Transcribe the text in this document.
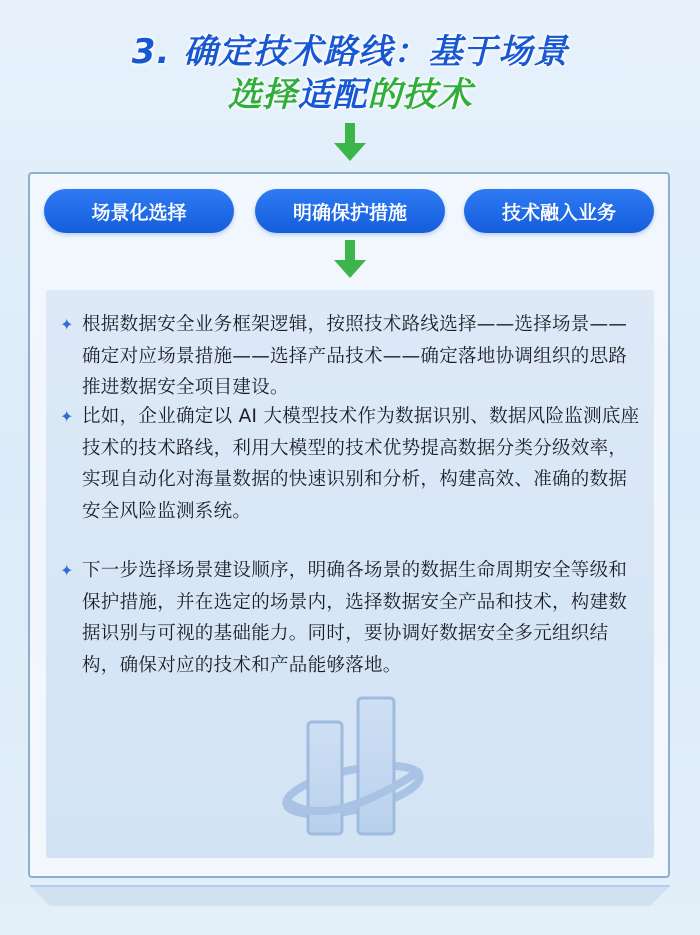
3. 确定技术路线：基于场景
选择适配的技术
场景化选择	明确保护措施	技术融入业务
✦ 根据数据安全业务框架逻辑，按照技术路线选择——选择场景——确定对应场景措施——选择产品技术——确定落地协调组织的思路推进数据安全项目建设。
✦ 比如，企业确定以 AI 大模型技术作为数据识别、数据风险监测底座技术的技术路线，利用大模型的技术优势提高数据分类分级效率，实现自动化对海量数据的快速识别和分析，构建高效、准确的数据安全风险监测系统。
✦ 下一步选择场景建设顺序，明确各场景的数据生命周期安全等级和保护措施，并在选定的场景内，选择数据安全产品和技术，构建数据识别与可视的基础能力。同时，要协调好数据安全多元组织结构，确保对应的技术和产品能够落地。
